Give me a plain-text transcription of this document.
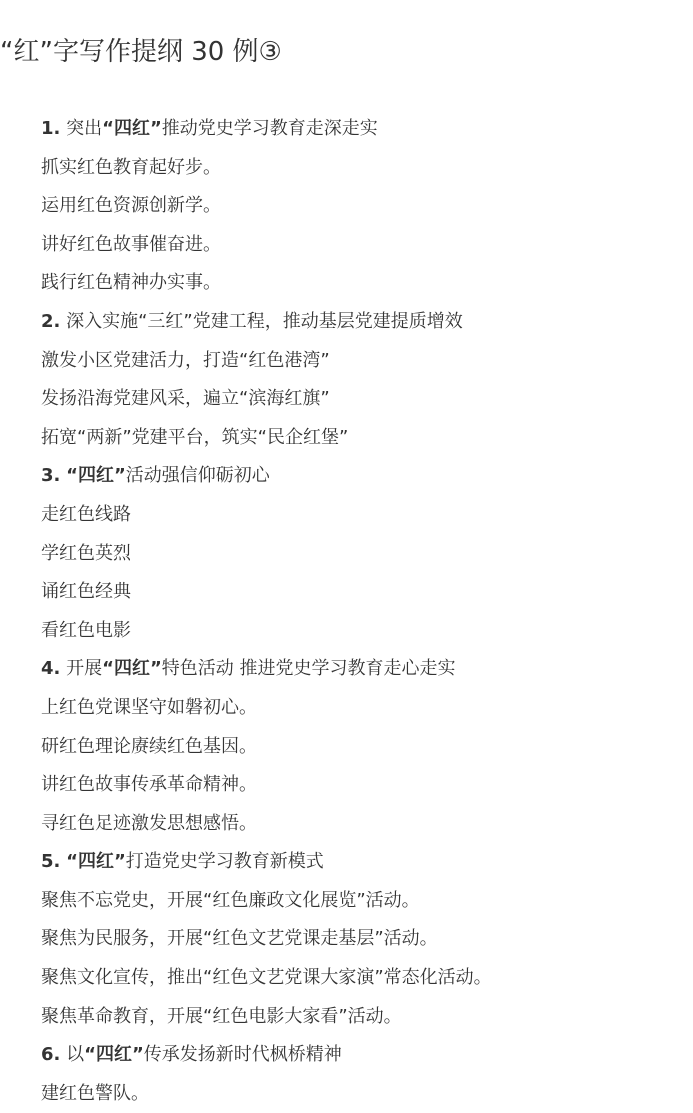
“红”字写作提纲 30 例③
1. 突出“四红”推动党史学习教育走深走实
抓实红色教育起好步。
运用红色资源创新学。
讲好红色故事催奋进。
践行红色精神办实事。
2. 深入实施“三红”党建工程，推动基层党建提质增效
激发小区党建活力，打造“红色港湾”
发扬沿海党建风采，遍立“滨海红旗”
拓宽“两新”党建平台，筑实“民企红堡”
3. “四红”活动强信仰砺初心
走红色线路
学红色英烈
诵红色经典
看红色电影
4. 开展“四红”特色活动 推进党史学习教育走心走实
上红色党课坚守如磐初心。
研红色理论赓续红色基因。
讲红色故事传承革命精神。
寻红色足迹激发思想感悟。
5. “四红”打造党史学习教育新模式
聚焦不忘党史，开展“红色廉政文化展览”活动。
聚焦为民服务，开展“红色文艺党课走基层”活动。
聚焦文化宣传，推出“红色文艺党课大家演”常态化活动。
聚焦革命教育，开展“红色电影大家看”活动。
6. 以“四红”传承发扬新时代枫桥精神
建红色警队。
